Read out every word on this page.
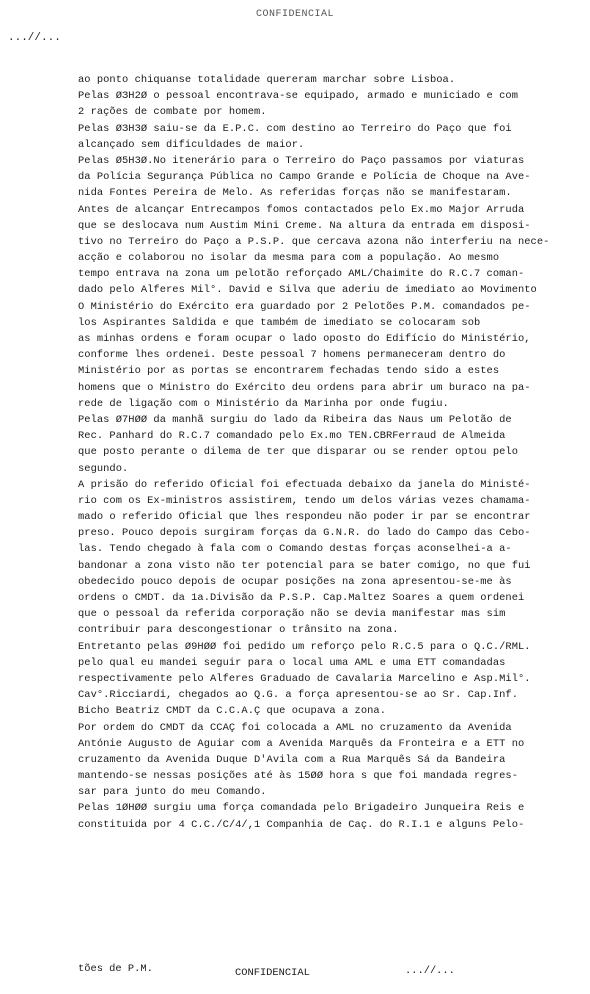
CONFIDENCIAL
...//...
ao ponto chiquanse totalidade quereram marchar sobre Lisboa.
Pelas ØЗН2Ø o pessoal encontrava-se equipado, armado e municiado e com
2 rações de combate por homem.
Pelas ØЗН3Ø saiu-se da E.P.C. com destino ao Terreiro do Paço que foi
alcançado sem dificuldades de maior.
Pelas Ø5H3Ø.No itenerário para o Terreiro do Paço passamos por viaturas
da Polícia Segurança Pública no Campo Grande e Polícia de Choque na Ave-
nida Fontes Pereira de Melo. As referidas forças não se manifestaram.
Antes de alcançar Entrecampos fomos contactados pelo Ex.mo Major Arruda
que se deslocava num Austim Mini Creme. Na altura da entrada em disposi-
tivo no Terreiro do Paço a P.S.P. que cercava azona não interferiu na nece-
acção e colaborou no isolar da mesma para com a população. Ao mesmo
tempo entrava na zona um pelotão reforçado AML/Chaimite do R.C.7 coman-
dado pelo Alferes Mil°. David e Silva que aderiu de imediato ao Movimento
O Ministério do Exército era guardado por 2 Pelotões P.M. comandados pe-
los Aspirantes Saldida e que também de imediato se colocaram sob
as minhas ordens e foram ocupar o lado oposto do Edifício do Ministério,
conforme lhes ordenei. Deste pessoal 7 homens permaneceram dentro do
Ministério por as portas se encontrarem fechadas tendo sido a estes
homens que o Ministro do Exército deu ordens para abrir um buraco na pa-
rede de ligação com o Ministério da Marinha por onde fugiu.
Pelas Ø7HØØ da manhã surgiu do lado da Ribeira das Naus um Pelotão de
Rec. Panhard do R.C.7 comandado pelo Ex.mo TEN.CBRFerraud de Almeida
que posto perante o dilema de ter que disparar ou se render optou pelo
segundo.
A prisão do referido Oficial foi efectuada debaixo da janela do Ministé-
rio com os Ex-ministros assistirem, tendo um delos várias vezes chamama-
mado o referido Oficial que lhes respondeu não poder ir par se encontrar
preso. Pouco depois surgiram forças da G.N.R. do lado do Campo das Cebo-
las. Tendo chegado à fala com o Comando destas forças aconselhei-a a-
bandonar a zona visto não ter potencial para se bater comigo, no que fui
obedecido pouco depois de ocupar posições na zona apresentou-se-me às
ordens o CMDT. da 1a.Divisão da P.S.P. Cap.Maltez Soares a quem ordenei
que o pessoal da referida corporação não se devia manifestar mas sim
contribuir para descongestionar o trânsito na zona.
Entretanto pelas Ø9HØØ foi pedido um reforço pelo R.C.5 para o Q.C./RML.
pelo qual eu mandei seguir para o local uma AML e uma ETT comandadas
respectivamente pelo Alferes Graduado de Cavalaria Marcelino e Asp.Mil°.
Cav°.Ricciardi, chegados ao Q.G. a força apresentou-se ao Sr. Cap.Inf.
Bicho Beatriz CMDT da C.C.A.Ç que ocupava a zona.
Por ordem do CMDT da CCAÇ foi colocada a AML no cruzamento da Avenida
Antónie Augusto de Aguiar com a Avenida Marquês da Fronteira e a ETT no
cruzamento da Avenida Duque D'Avila com a Rua Marquês Sá da Bandeira
mantendo-se nessas posições até às 15ØØ hora s que foi mandada regres-
sar para junto do meu Comando.
Pelas 1ØHØØ surgiu uma força comandada pelo Brigadeiro Junqueira Reis e
constituida por 4 C.C./C/4/,1 Companhia de Caç. do R.I.1 e alguns Pelo-
tões de P.M.	CONFIDENCIAL	...//...
